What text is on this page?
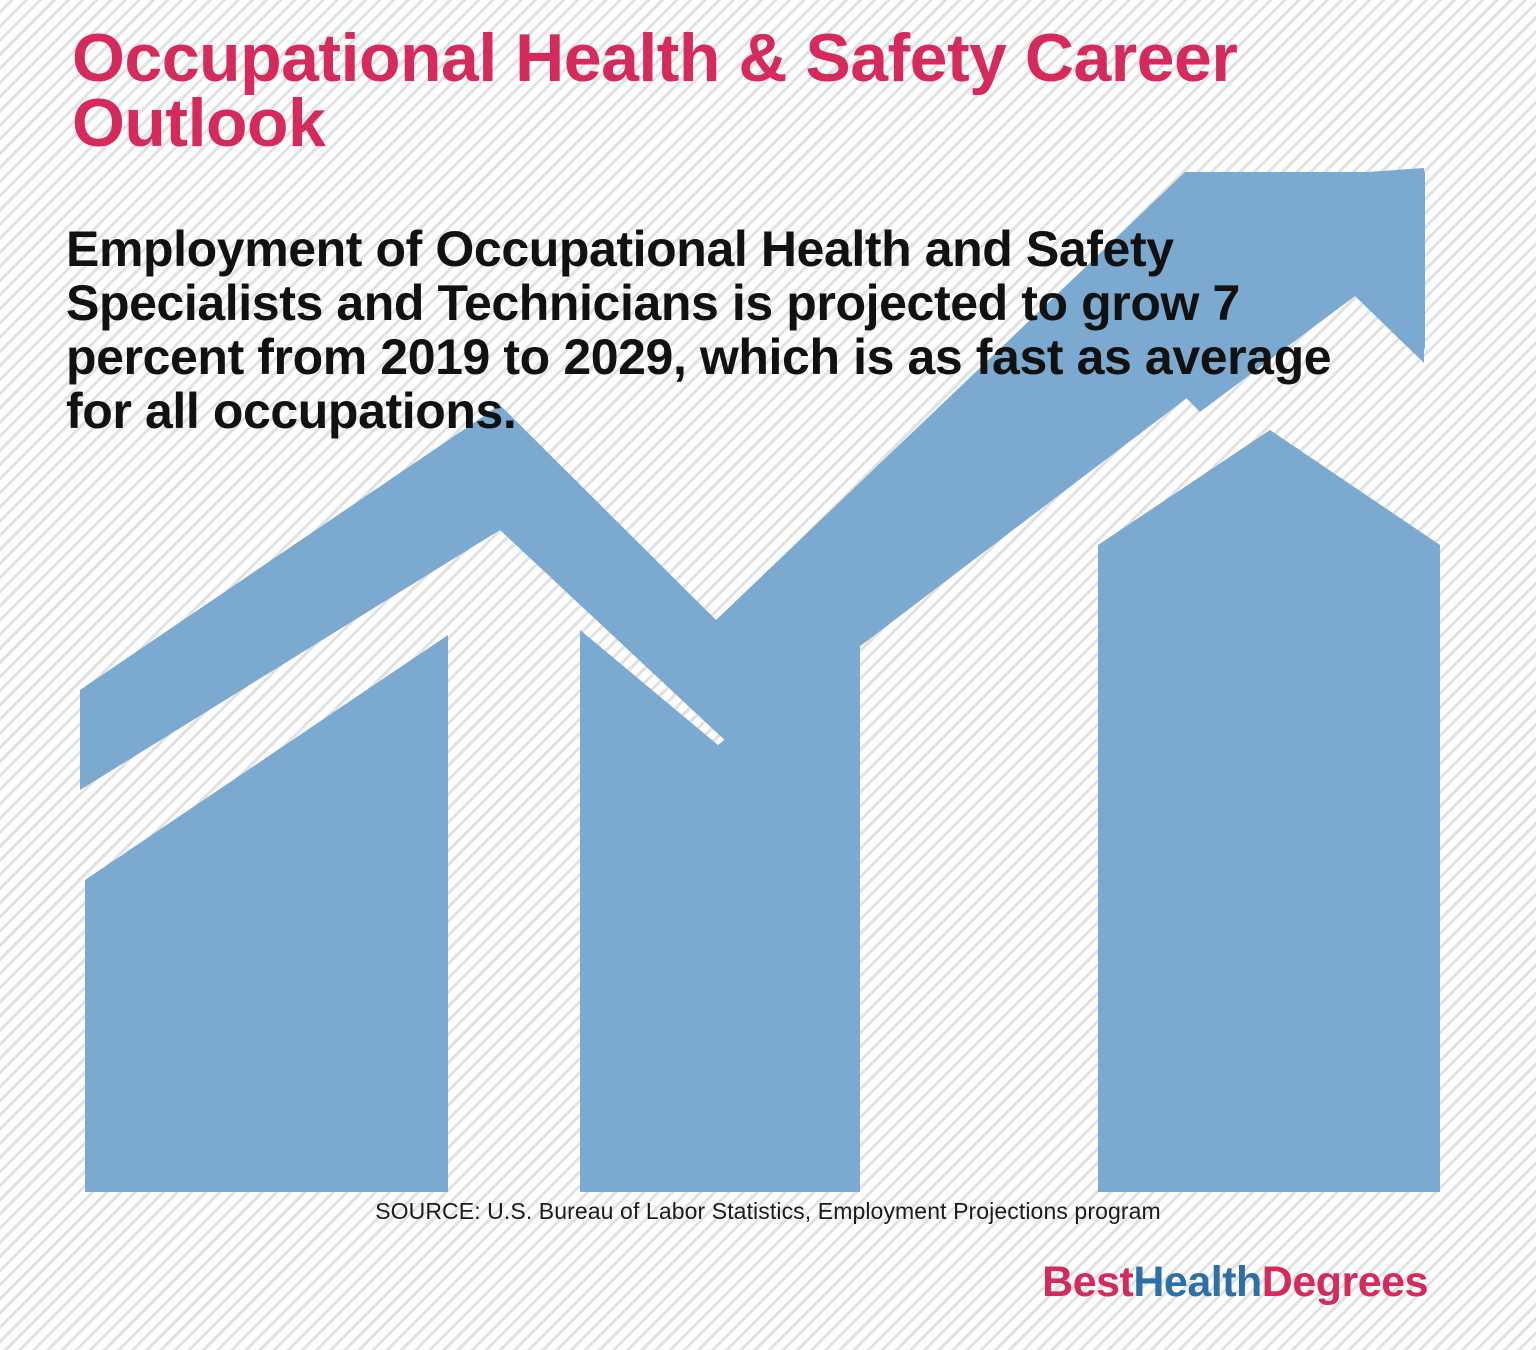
Occupational Health & Safety Career Outlook

Employment of Occupational Health and Safety Specialists and Technicians is projected to grow 7 percent from 2019 to 2029, which is as fast as average for all occupations.

SOURCE: U.S. Bureau of Labor Statistics, Employment Projections program
BestHealthDegrees
